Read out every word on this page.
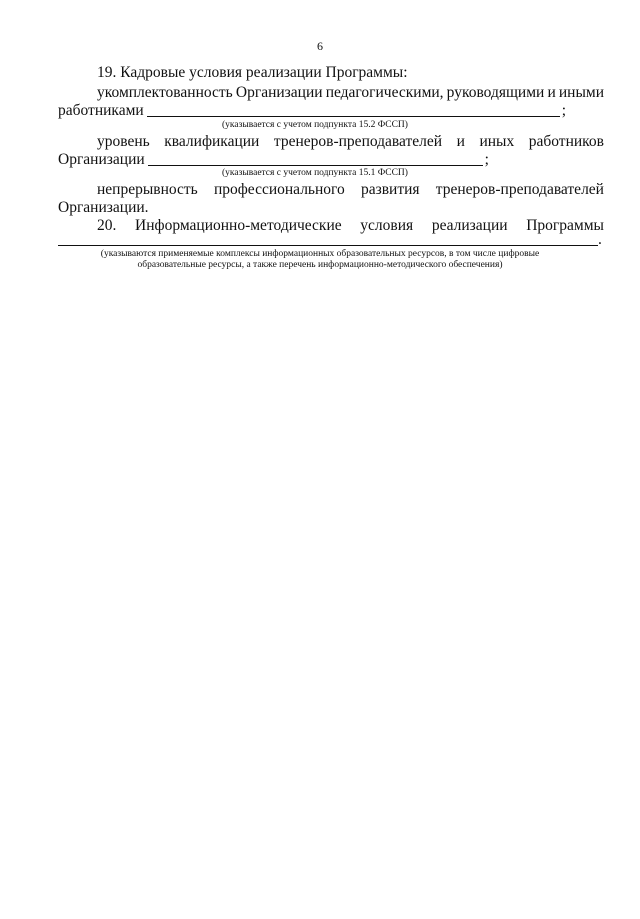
6
19. Кадровые условия реализации Программы:
укомплектованность Организации педагогическими, руководящими и иными
работниками	;
(указывается с учетом подпункта 15.2 ФССП)
уровень квалификации тренеров-преподавателей и иных работников
Организации	;
(указывается с учетом подпункта 15.1 ФССП)
непрерывность профессионального развития тренеров-преподавателей
Организации.
20. Информационно-методические условия реализации Программы
.
(указываются применяемые комплексы информационных образовательных ресурсов, в том числе цифровые
образовательные ресурсы, а также перечень информационно-методического обеспечения)
